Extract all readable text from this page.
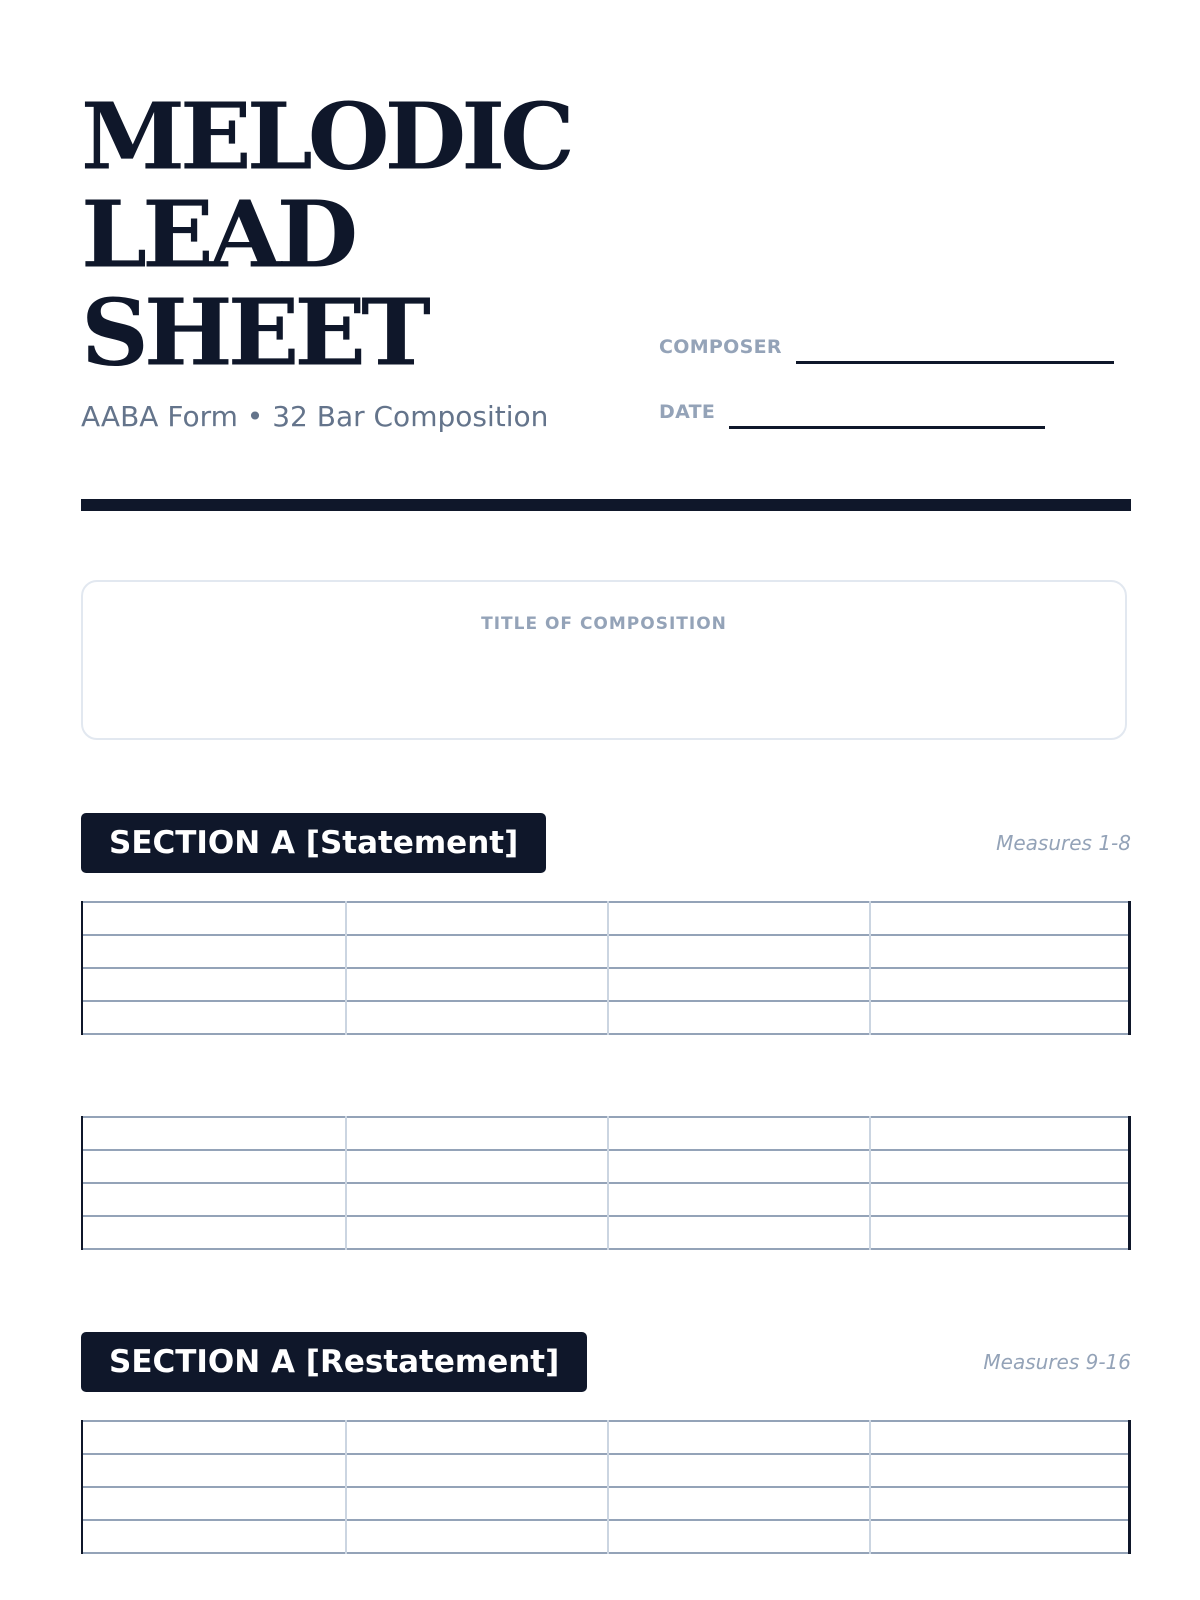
MELODIC
LEAD
SHEET
AABA Form • 32 Bar Composition
COMPOSER
DATE
TITLE OF COMPOSITION
SECTION A [Statement]	Measures 1-8
SECTION A [Restatement]	Measures 9-16
